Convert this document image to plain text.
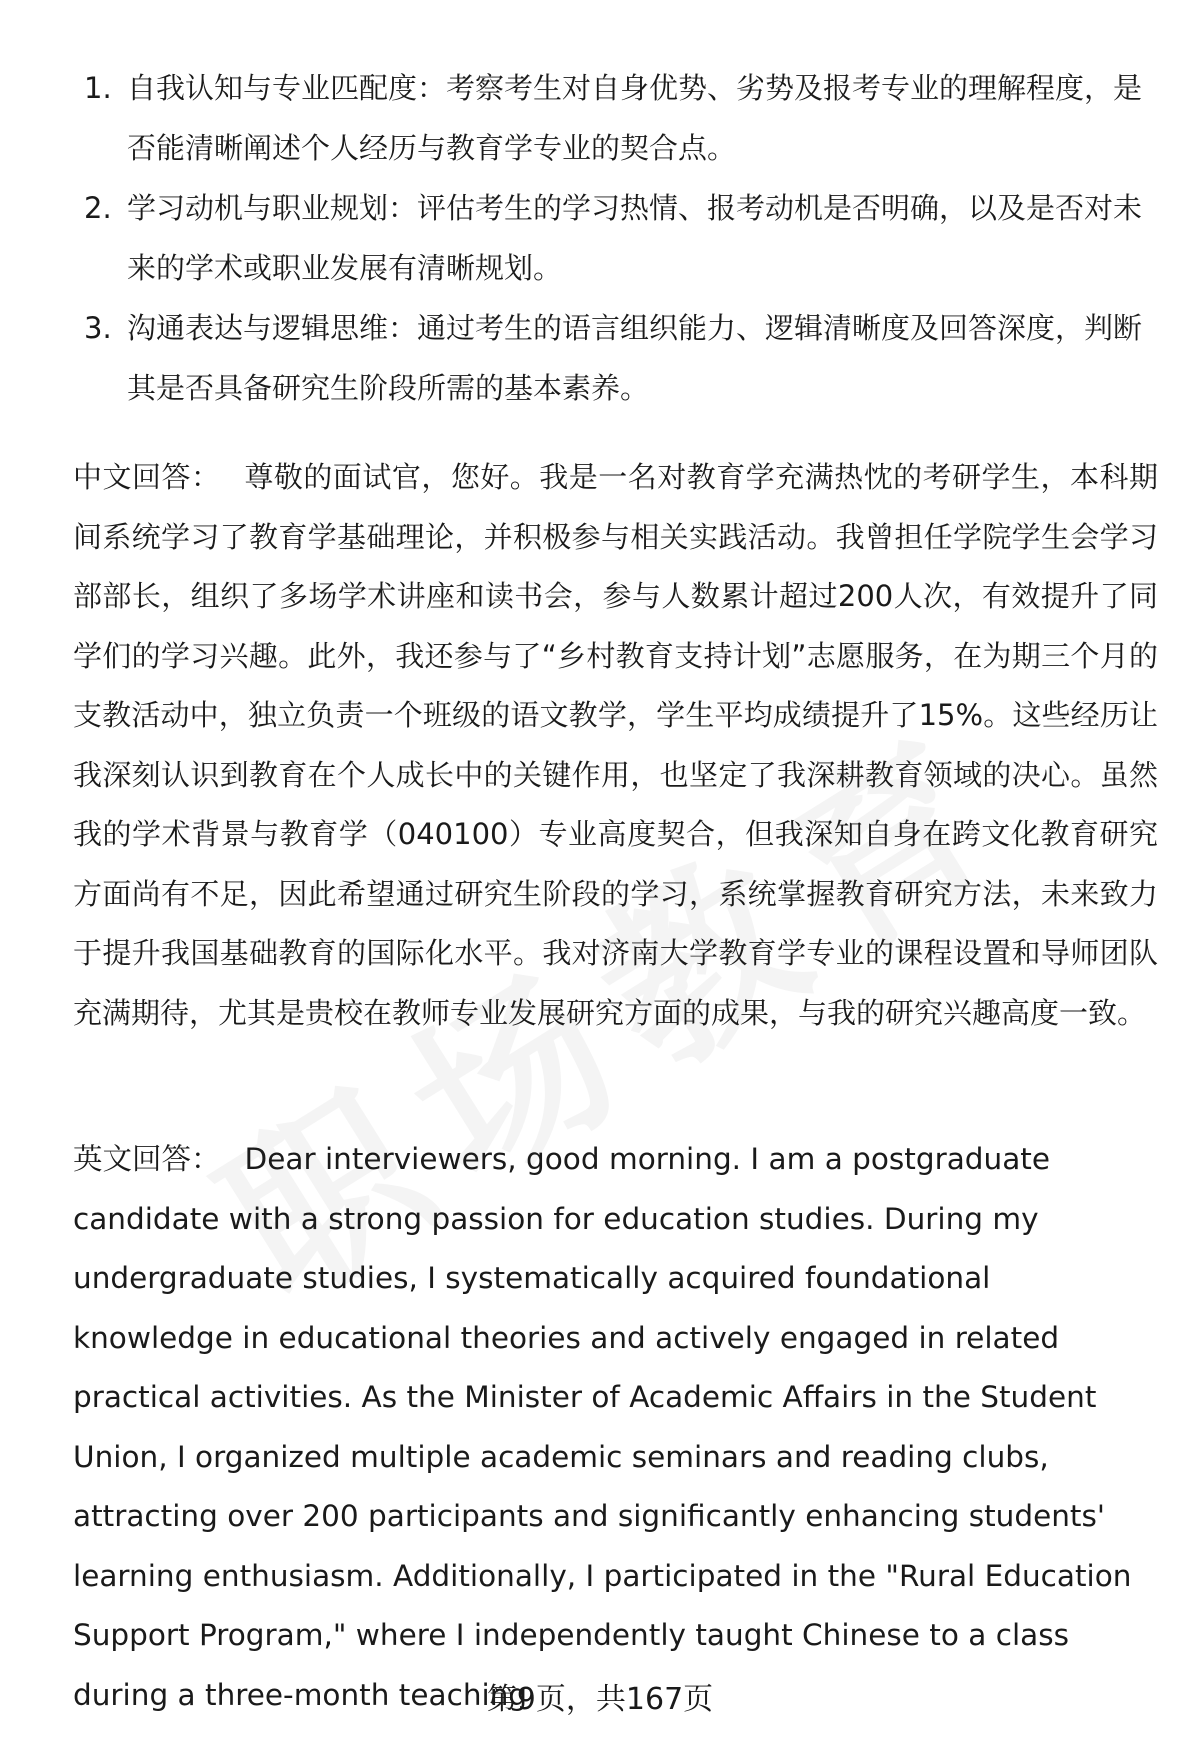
1. 自我认知与专业匹配度：考察考生对自身优势、劣势及报考专业的理解程度，是否能清晰阐述个人经历与教育学专业的契合点。
2. 学习动机与职业规划：评估考生的学习热情、报考动机是否明确，以及是否对未来的学术或职业发展有清晰规划。
3. 沟通表达与逻辑思维：通过考生的语言组织能力、逻辑清晰度及回答深度，判断其是否具备研究生阶段所需的基本素养。

中文回答： 尊敬的面试官，您好。我是一名对教育学充满热忱的考研学生，本科期间系统学习了教育学基础理论，并积极参与相关实践活动。我曾担任学院学生会学习部部长，组织了多场学术讲座和读书会，参与人数累计超过200人次，有效提升了同学们的学习兴趣。此外，我还参与了“乡村教育支持计划”志愿服务，在为期三个月的支教活动中，独立负责一个班级的语文教学，学生平均成绩提升了15%。这些经历让我深刻认识到教育在个人成长中的关键作用，也坚定了我深耕教育领域的决心。虽然我的学术背景与教育学（040100）专业高度契合，但我深知自身在跨文化教育研究方面尚有不足，因此希望通过研究生阶段的学习，系统掌握教育研究方法，未来致力于提升我国基础教育的国际化水平。我对济南大学教育学专业的课程设置和导师团队充满期待，尤其是贵校在教师专业发展研究方面的成果，与我的研究兴趣高度一致。

英文回答： Dear interviewers, good morning. I am a postgraduate candidate with a strong passion for education studies. During my undergraduate studies, I systematically acquired foundational knowledge in educational theories and actively engaged in related practical activities. As the Minister of Academic Affairs in the Student Union, I organized multiple academic seminars and reading clubs, attracting over 200 participants and significantly enhancing students' learning enthusiasm. Additionally, I participated in the "Rural Education Support Program," where I independently taught Chinese to a class during a three-month teaching

第9页，共167页
